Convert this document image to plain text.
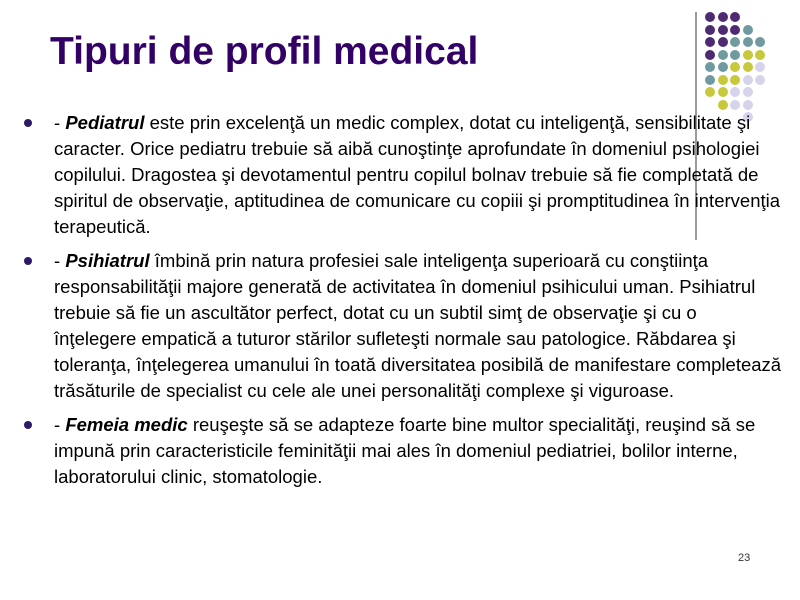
Tipuri de profil medical
- Pediatrul este prin excelenţă un medic complex, dotat cu inteligenţă, sensibilitate şi caracter. Orice pediatru trebuie să aibă cunoştinţe aprofundate în domeniul psihologiei copilului. Dragostea şi devotamentul pentru copilul bolnav trebuie să fie completată de spiritul de observaţie, aptitudinea de comunicare cu copiii şi promptitudinea în intervenţia terapeutică.
- Psihiatrul îmbină prin natura profesiei sale inteligenţa superioară cu conştiinţa responsabilităţii majore generată de activitatea în domeniul psihicului uman. Psihiatrul trebuie să fie un ascultător perfect, dotat cu un subtil simţ de observaţie şi cu o înţelegere empatică a tuturor stărilor sufleteşti normale sau patologice. Răbdarea şi toleranţa, înţelegerea umanului în toată diversitatea posibilă de manifestare completează trăsăturile de specialist cu cele ale unei personalităţi complexe şi viguroase.
- Femeia medic reuşeşte să se adapteze foarte bine multor specialităţi, reuşind să se impună prin caracteristicile feminităţii mai ales în domeniul pediatriei, bolilor interne, laboratorului clinic, stomatologie.
23
